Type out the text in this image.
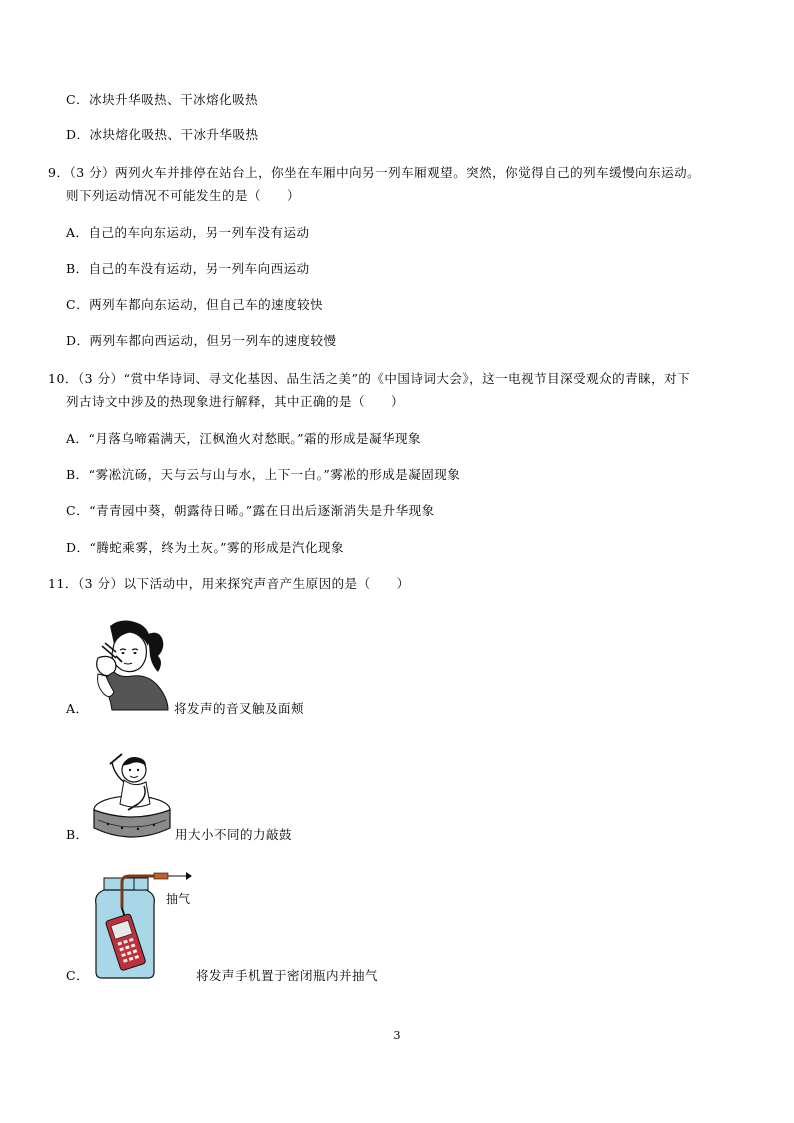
C．冰块升华吸热、干冰熔化吸热
D．冰块熔化吸热、干冰升华吸热
9．（3 分）两列火车并排停在站台上，你坐在车厢中向另一列车厢观望。突然，你觉得自己的列车缓慢向东运动。
则下列运动情况不可能发生的是（　　）
A．自己的车向东运动，另一列车没有运动
B．自己的车没有运动，另一列车向西运动
C．两列车都向东运动，但自己车的速度较快
D．两列车都向西运动，但另一列车的速度较慢
10．（3 分）“赏中华诗词、寻文化基因、品生活之美”的《中国诗词大会》，这一电视节目深受观众的青睐，对下
列古诗文中涉及的热现象进行解释，其中正确的是（　　）
A．“月落乌啼霜满天，江枫渔火对愁眠。”霜的形成是凝华现象
B．“雾凇沆砀，天与云与山与水，上下一白。”雾凇的形成是凝固现象
C．“青青园中葵，朝露待日晞。”露在日出后逐渐消失是升华现象
D．“腾蛇乘雾，终为土灰。”雾的形成是汽化现象
11．（3 分）以下活动中，用来探究声音产生原因的是（　　）
A．	将发声的音叉触及面颊
B．	用大小不同的力敲鼓
抽气
C．	将发声手机置于密闭瓶内并抽气
3
